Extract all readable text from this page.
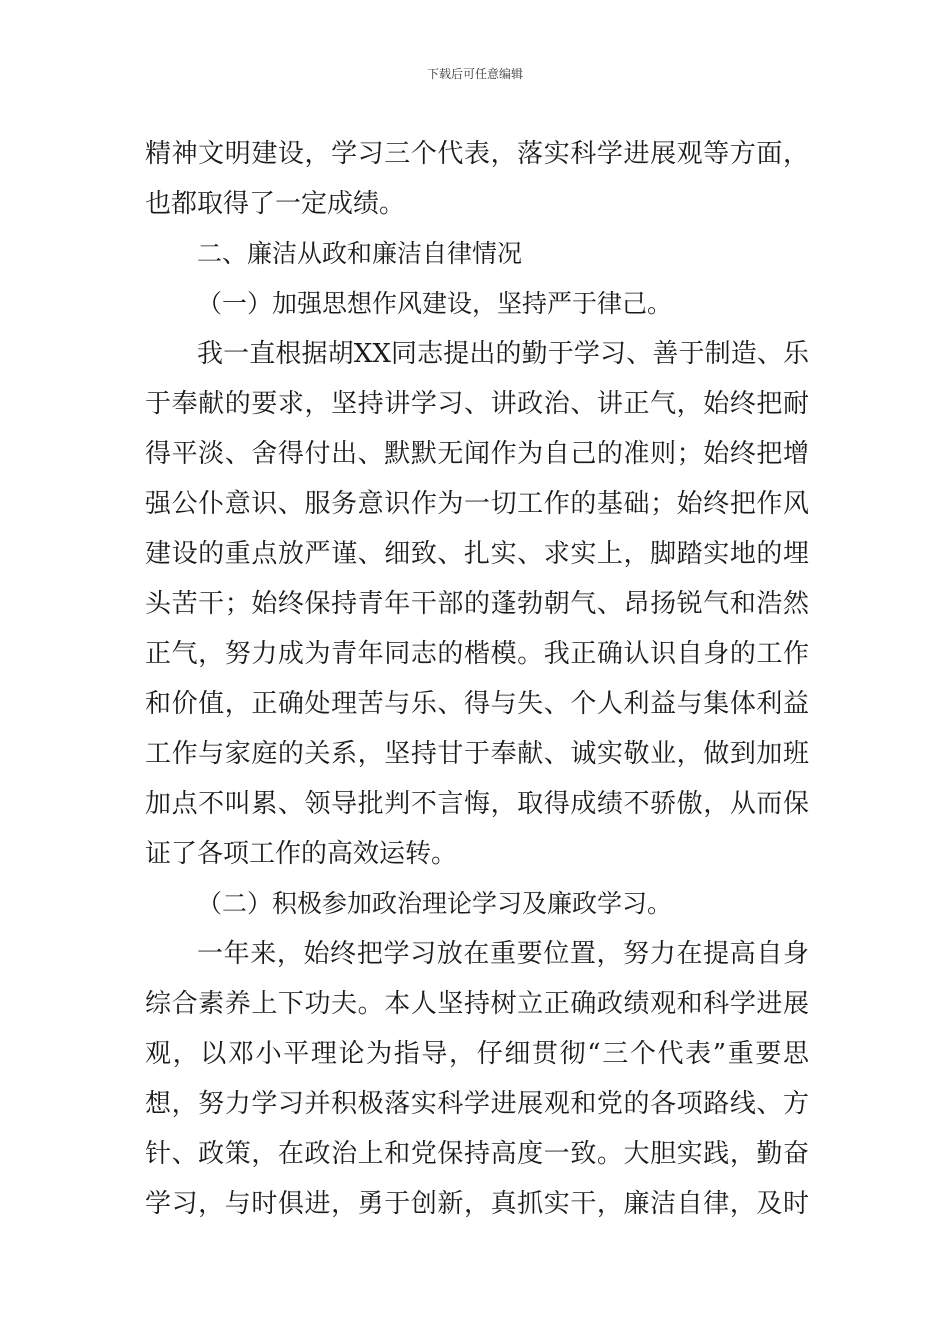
下载后可任意编辑
精神文明建设，学习三个代表，落实科学进展观等方面，
也都取得了一定成绩。
二、廉洁从政和廉洁自律情况
（一）加强思想作风建设，坚持严于律己。
我一直根据胡XX同志提出的勤于学习、善于制造、乐
于奉献的要求，坚持讲学习、讲政治、讲正气，始终把耐
得平淡、舍得付出、默默无闻作为自己的准则；始终把增
强公仆意识、服务意识作为一切工作的基础；始终把作风
建设的重点放严谨、细致、扎实、求实上，脚踏实地的埋
头苦干；始终保持青年干部的蓬勃朝气、昂扬锐气和浩然
正气，努力成为青年同志的楷模。我正确认识自身的工作
和价值，正确处理苦与乐、得与失、个人利益与集体利益
工作与家庭的关系，坚持甘于奉献、诚实敬业，做到加班
加点不叫累、领导批判不言悔，取得成绩不骄傲，从而保
证了各项工作的高效运转。
（二）积极参加政治理论学习及廉政学习。
一年来，始终把学习放在重要位置，努力在提高自身
综合素养上下功夫。本人坚持树立正确政绩观和科学进展
观，以邓小平理论为指导，仔细贯彻“三个代表”重要思
想，努力学习并积极落实科学进展观和党的各项路线、方
针、政策，在政治上和党保持高度一致。大胆实践，勤奋
学习，与时俱进，勇于创新，真抓实干，廉洁自律，及时
